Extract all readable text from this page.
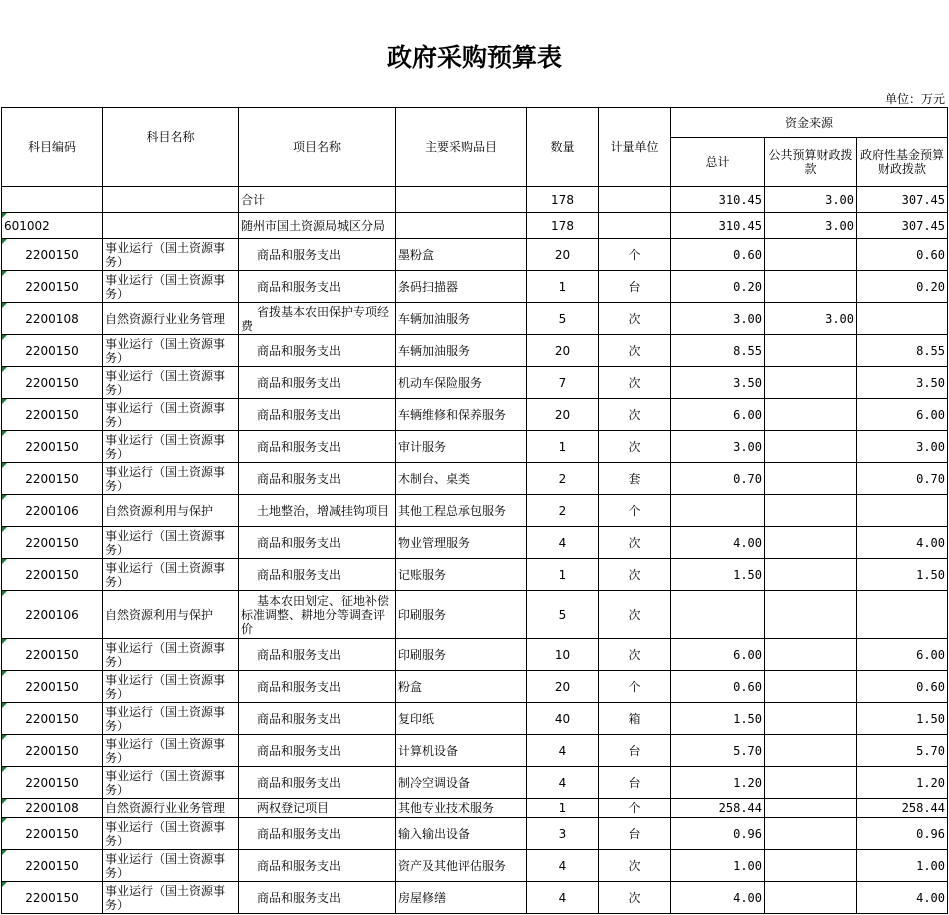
政府采购预算表
单位：万元
科目编码	科目名称	项目名称	主要采购品目	数量	计量单位	资金来源		
						总计	公共预算财政拨款	政府性基金预算财政拨款
		合计		178		310.45	3.00	307.45

601002		随州市国土资源局城区分局		178		310.45	3.00	307.45

2200150	事业运行（国土资源事务）	商品和服务支出	墨粉盒	20	个	0.60		0.60

2200150	事业运行（国土资源事务）	商品和服务支出	条码扫描器	1	台	0.20		0.20

2200108	自然资源行业业务管理	省拨基本农田保护专项经费	车辆加油服务	5	次	3.00	3.00	

2200150	事业运行（国土资源事务）	商品和服务支出	车辆加油服务	20	次	8.55		8.55

2200150	事业运行（国土资源事务）	商品和服务支出	机动车保险服务	7	次	3.50		3.50

2200150	事业运行（国土资源事务）	商品和服务支出	车辆维修和保养服务	20	次	6.00		6.00

2200150	事业运行（国土资源事务）	商品和服务支出	审计服务	1	次	3.00		3.00

2200150	事业运行（国土资源事务）	商品和服务支出	木制台、桌类	2	套	0.70		0.70

2200106	自然资源利用与保护	土地整治，增减挂钩项目	其他工程总承包服务	2	个			

2200150	事业运行（国土资源事务）	商品和服务支出	物业管理服务	4	次	4.00		4.00

2200150	事业运行（国土资源事务）	商品和服务支出	记账服务	1	次	1.50		1.50

2200106	自然资源利用与保护	基本农田划定、征地补偿标准调整、耕地分等调查评价	印刷服务	5	次			

2200150	事业运行（国土资源事务）	商品和服务支出	印刷服务	10	次	6.00		6.00

2200150	事业运行（国土资源事务）	商品和服务支出	粉盒	20	个	0.60		0.60

2200150	事业运行（国土资源事务）	商品和服务支出	复印纸	40	箱	1.50		1.50

2200150	事业运行（国土资源事务）	商品和服务支出	计算机设备	4	台	5.70		5.70

2200150	事业运行（国土资源事务）	商品和服务支出	制冷空调设备	4	台	1.20		1.20

2200108	自然资源行业业务管理	两权登记项目	其他专业技术服务	1	个	258.44		258.44

2200150	事业运行（国土资源事务）	商品和服务支出	输入输出设备	3	台	0.96		0.96

2200150	事业运行（国土资源事务）	商品和服务支出	资产及其他评估服务	4	次	1.00		1.00

2200150	事业运行（国土资源事务）	商品和服务支出	房屋修缮	4	次	4.00		4.00
